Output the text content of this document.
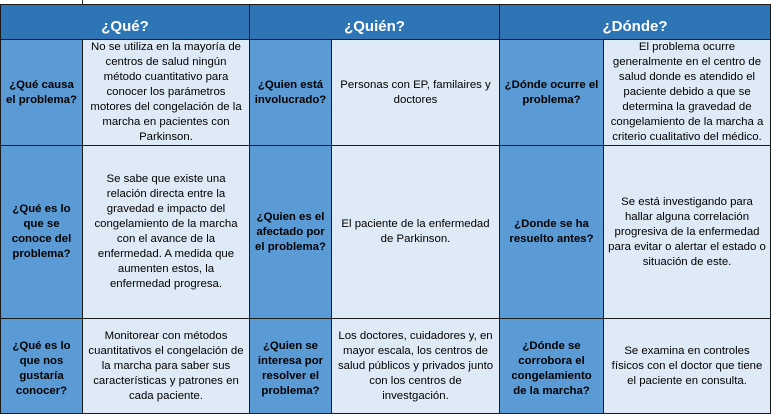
¿Qué?		¿Quién?		¿Dónde?	
¿Qué causa el problema?	No se utiliza en la mayoría de centros de salud ningún método cuantitativo para conocer los parámetros motores del congelación de la marcha en pacientes con Parkinson.	¿Quien está involucrado?	Personas con EP, familaires y doctores	¿Dónde ocurre el problema?	El problema ocurre generalmente en el centro de salud donde es atendido el paciente debido a que se determina la gravedad de congelamiento de la marcha a criterio cualitativo del médico.
¿Qué es lo que se conoce del problema?	Se sabe que existe una relación directa entre la gravedad e impacto del congelamiento de la marcha con el avance de la enfermedad. A medida que aumenten estos, la enfermedad progresa.	¿Quien es el afectado por el problema?	El paciente de la enfermedad de Parkinson.	¿Donde se ha resuelto antes?	Se está investigando para hallar alguna correlación progresiva de la enfermedad para evitar o alertar el estado o situación de este.
¿Qué es lo que nos gustaría conocer?	Monitorear con métodos cuantitativos el congelación de la marcha para saber sus características y patrones en cada paciente.	¿Quien se interesa por resolver el problema?	Los doctores, cuidadores y, en mayor escala, los centros de salud públicos y privados junto con los centros de investgación.	¿Dónde se corrobora el congelamiento de la marcha?	Se examina en controles físicos con el doctor que tiene el paciente en consulta.
